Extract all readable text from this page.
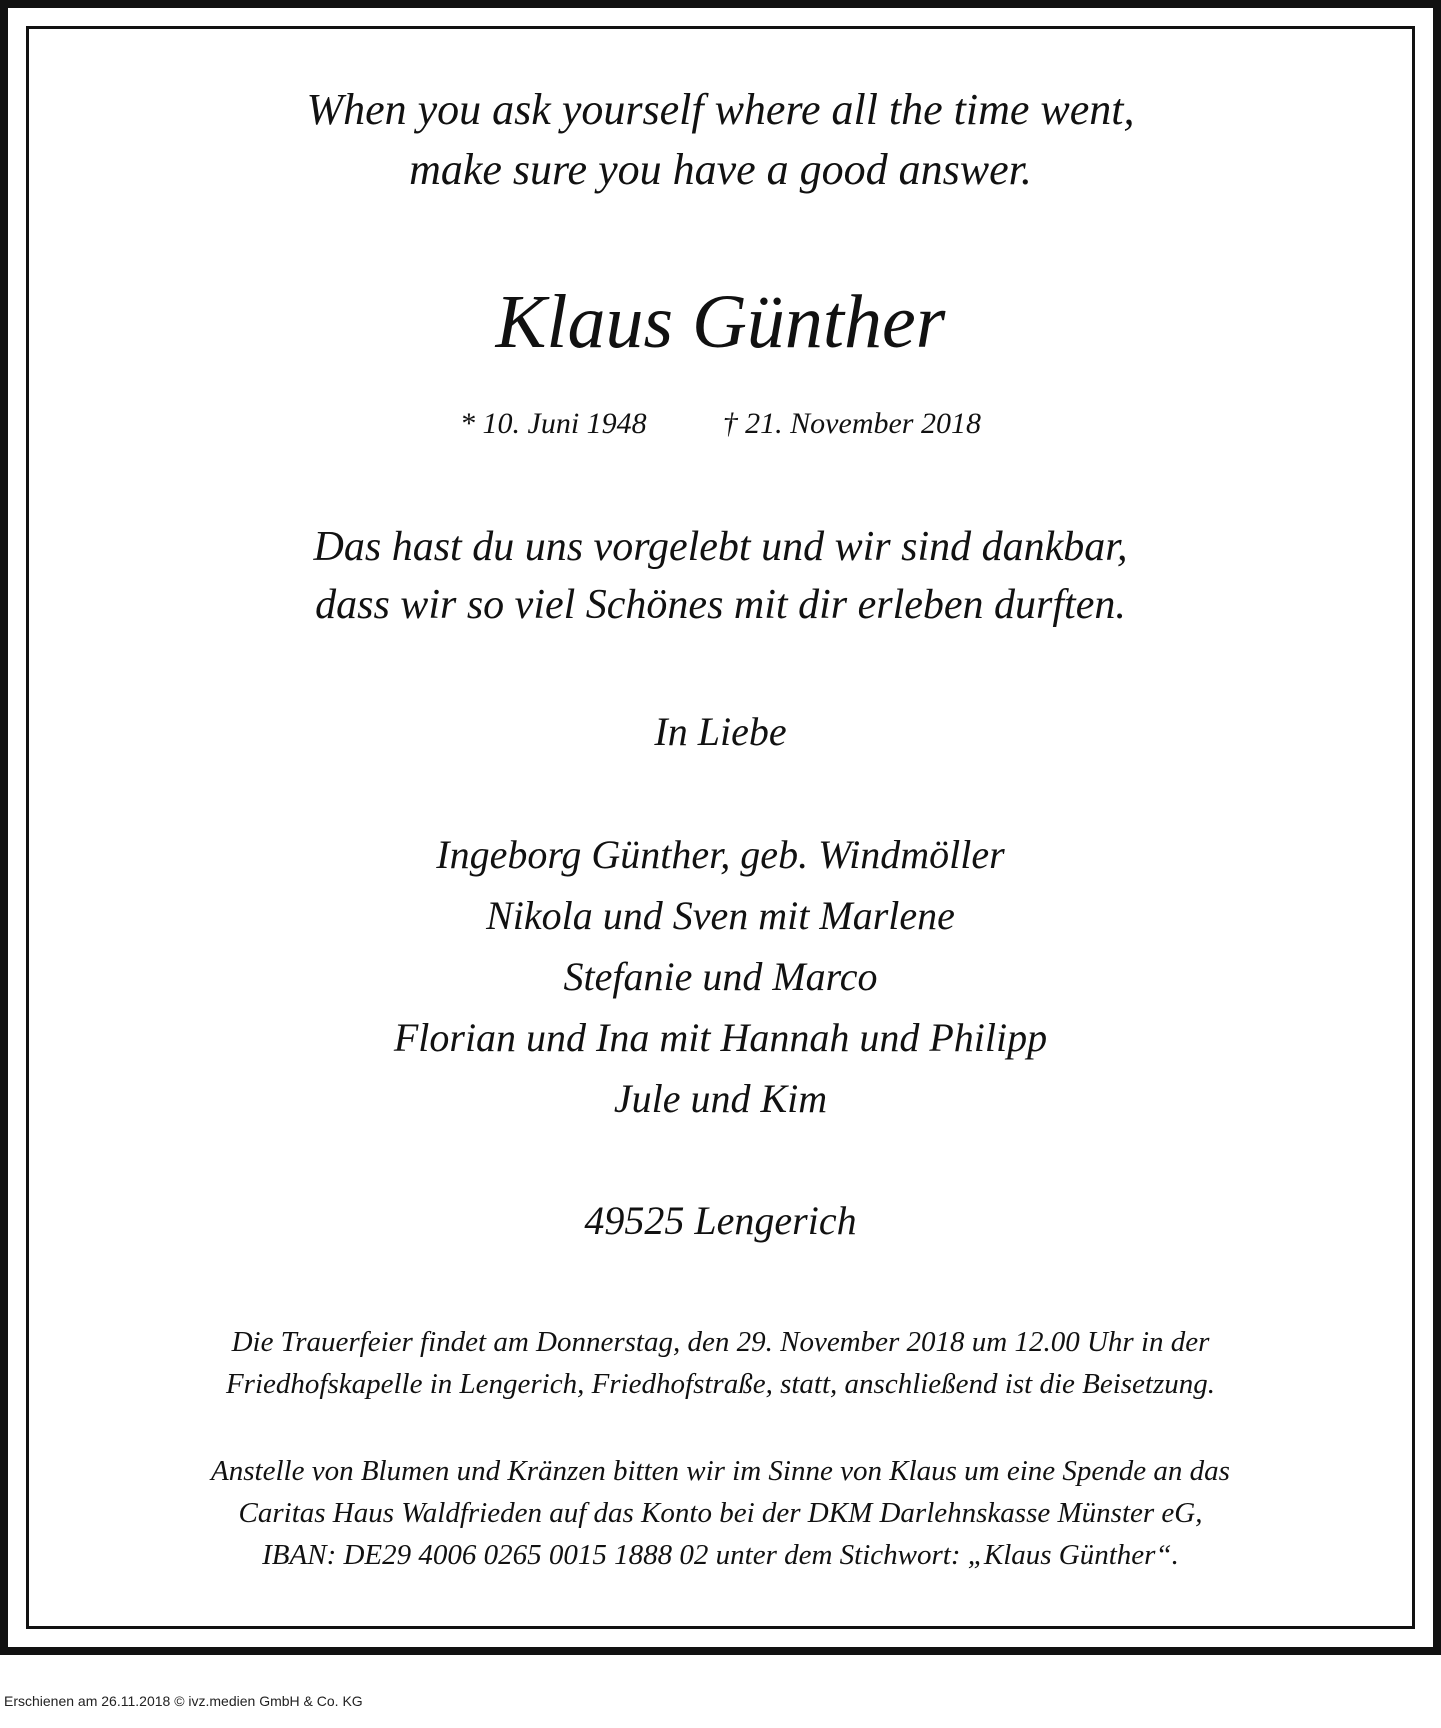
When you ask yourself where all the time went,
make sure you have a good answer.
Klaus Günther
* 10. Juni 1948	† 21. November 2018
Das hast du uns vorgelebt und wir sind dankbar,
dass wir so viel Schönes mit dir erleben durften.
In Liebe
Ingeborg Günther, geb. Windmöller
Nikola und Sven mit Marlene
Stefanie und Marco
Florian und Ina mit Hannah und Philipp
Jule und Kim
49525 Lengerich
Die Trauerfeier findet am Donnerstag, den 29. November 2018 um 12.00 Uhr in der
Friedhofskapelle in Lengerich, Friedhofstraße, statt, anschließend ist die Beisetzung.
Anstelle von Blumen und Kränzen bitten wir im Sinne von Klaus um eine Spende an das
Caritas Haus Waldfrieden auf das Konto bei der DKM Darlehnskasse Münster eG,
IBAN: DE29 4006 0265 0015 1888 02 unter dem Stichwort: „Klaus Günther“.
Erschienen am 26.11.2018 © ivz.medien GmbH & Co. KG
